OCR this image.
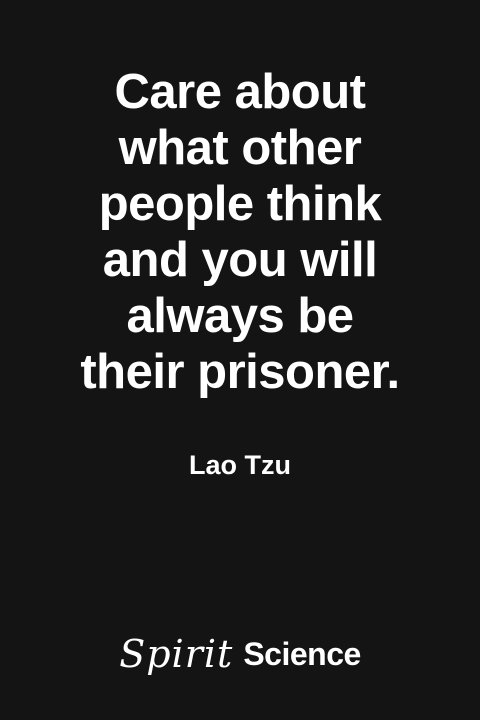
Care about
what other
people think
and you will
always be
their prisoner.
Lao Tzu
Spirit Science
